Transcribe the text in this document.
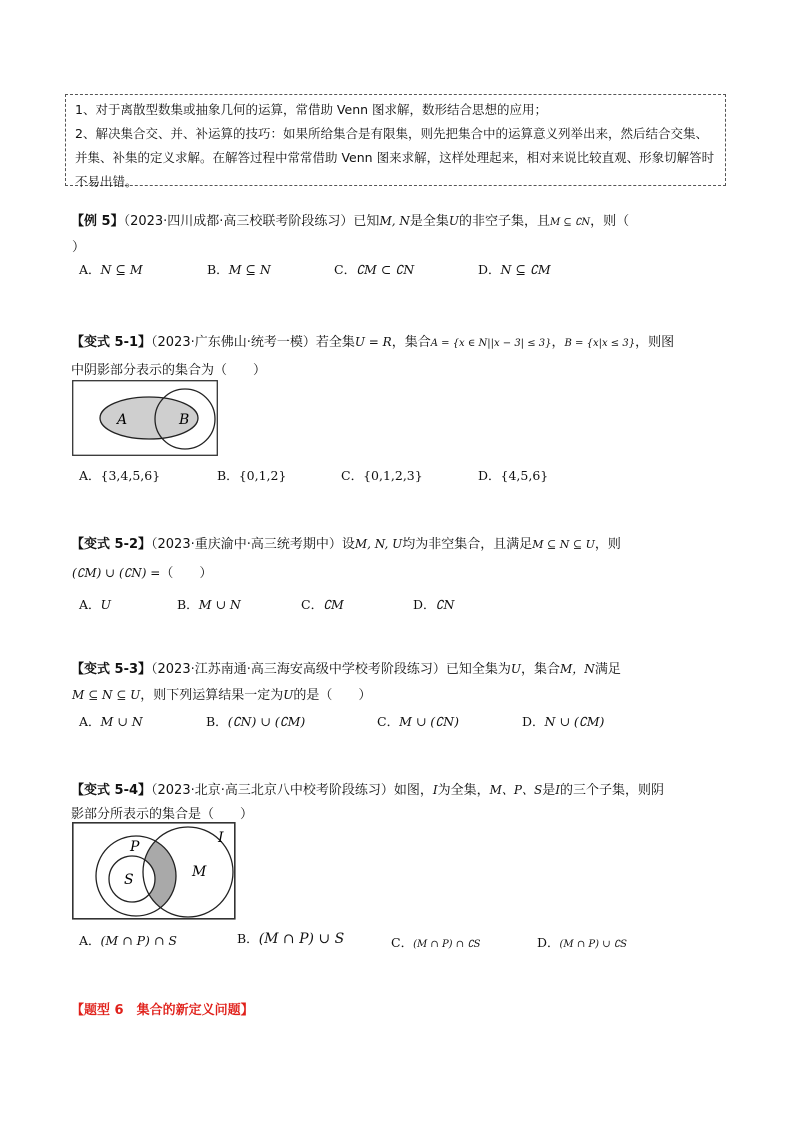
1、对于离散型数集或抽象几何的运算，常借助 Venn 图求解，数形结合思想的应用；

2、解决集合交、并、补运算的技巧：如果所给集合是有限集，则先把集合中的运算意义列举出来，然后结合交集、并集、补集的定义求解。在解答过程中常常借助 Venn 图来求解，这样处理起来，相对来说比较直观、形象切解答时不易出错。

【例 5】（2023·四川成都·高三校联考阶段练习）已知M, N是全集U的非空子集，且M ⊆ ∁N，则（
）
A．N ⊆ M	B．M ⊆ N	C．∁M ⊂ ∁N	D．N ⊆ ∁M
【变式 5-1】（2023·广东佛山·统考一模）若全集U = R，集合A = {x ∈ N||x − 3| ≤ 3}，B = {x|x ≤ 3}，则图
中阴影部分表示的集合为（　　）
A	B
A．{3,4,5,6}	B．{0,1,2}	C．{0,1,2,3}	D．{4,5,6}
【变式 5-2】（2023·重庆渝中·高三统考期中）设M, N, U均为非空集合，且满足M ⊆ N ⊆ U，则
(∁M) ∪ (∁N) =（　　）
A．U	B．M ∪ N	C．∁M	D．∁N
【变式 5-3】（2023·江苏南通·高三海安高级中学校考阶段练习）已知全集为U，集合M，N满足
M ⊆ N ⊆ U，则下列运算结果一定为U的是（　　）
A．M ∪ N	B．(∁N) ∪ (∁M)	C．M ∪ (∁N)	D．N ∪ (∁M)
【变式 5-4】（2023·北京·高三北京八中校考阶段练习）如图，I为全集，M、P、S是I的三个子集，则阴
影部分所表示的集合是（　　）
I
P
S	M
A．(M ∩ P) ∩ S	B．(M ∩ P) ∪ S	C．(M ∩ P) ∩ ∁S	D．(M ∩ P) ∪ ∁S
【题型 6　集合的新定义问题】
